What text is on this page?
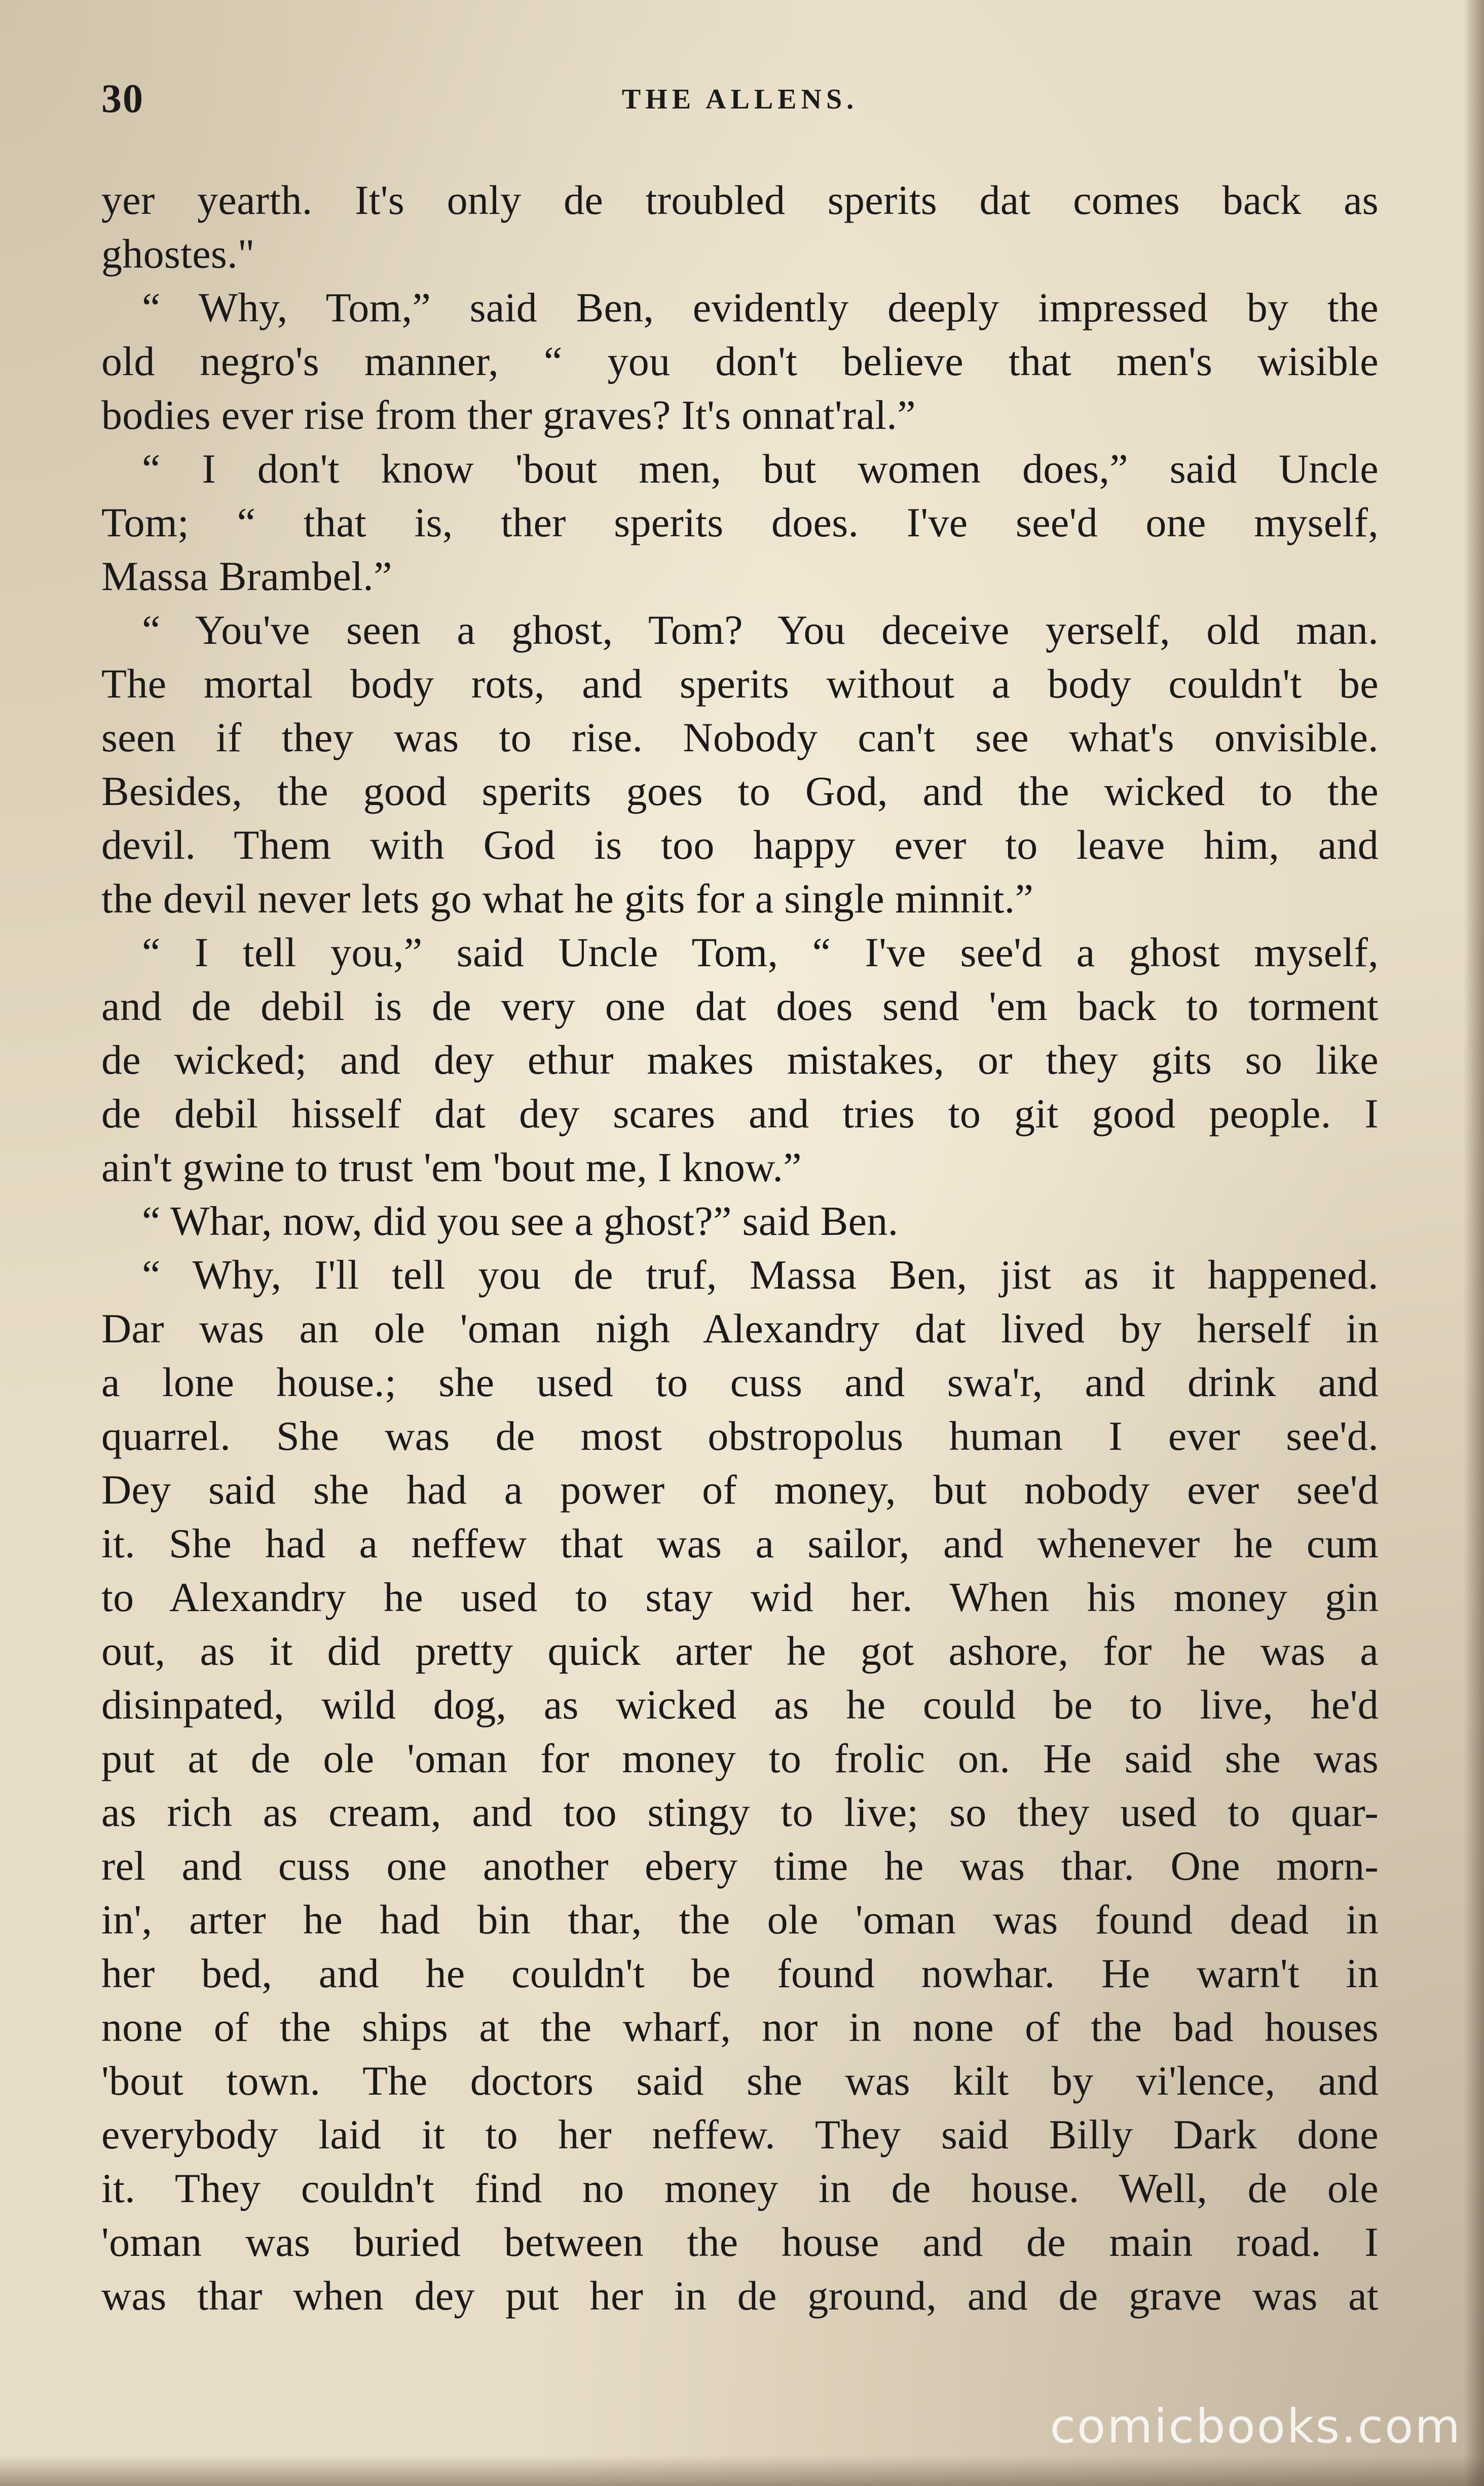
30	THE ALLENS.
yer yearth. It's only de troubled sperits dat comes back as
ghostes."
“ Why, Tom,” said Ben, evidently deeply impressed by the
old negro's manner, “ you don't believe that men's wisible
bodies ever rise from ther graves? It's onnat'ral.”
“ I don't know 'bout men, but women does,” said Uncle
Tom; “ that is, ther sperits does. I've see'd one myself,
Massa Brambel.”
“ You've seen a ghost, Tom? You deceive yerself, old man.
The mortal body rots, and sperits without a body couldn't be
seen if they was to rise. Nobody can't see what's onvisible.
Besides, the good sperits goes to God, and the wicked to the
devil. Them with God is too happy ever to leave him, and
the devil never lets go what he gits for a single minnit.”
“ I tell you,” said Uncle Tom, “ I've see'd a ghost myself,
and de debil is de very one dat does send 'em back to torment
de wicked; and dey ethur makes mistakes, or they gits so like
de debil hisself dat dey scares and tries to git good people. I
ain't gwine to trust 'em 'bout me, I know.”
“ Whar, now, did you see a ghost?” said Ben.
“ Why, I'll tell you de truf, Massa Ben, jist as it happened.
Dar was an ole 'oman nigh Alexandry dat lived by herself in
a lone house.; she used to cuss and swa'r, and drink and
quarrel. She was de most obstropolus human I ever see'd.
Dey said she had a power of money, but nobody ever see'd
it. She had a neffew that was a sailor, and whenever he cum
to Alexandry he used to stay wid her. When his money gin
out, as it did pretty quick arter he got ashore, for he was a
disinpated, wild dog, as wicked as he could be to live, he'd
put at de ole 'oman for money to frolic on. He said she was
as rich as cream, and too stingy to live; so they used to quar-
rel and cuss one another ebery time he was thar. One morn-
in', arter he had bin thar, the ole 'oman was found dead in
her bed, and he couldn't be found nowhar. He warn't in
none of the ships at the wharf, nor in none of the bad houses
'bout town. The doctors said she was kilt by vi'lence, and
everybody laid it to her neffew. They said Billy Dark done
it. They couldn't find no money in de house. Well, de ole
'oman was buried between the house and de main road. I
was thar when dey put her in de ground, and de grave was at
comicbooks.com
